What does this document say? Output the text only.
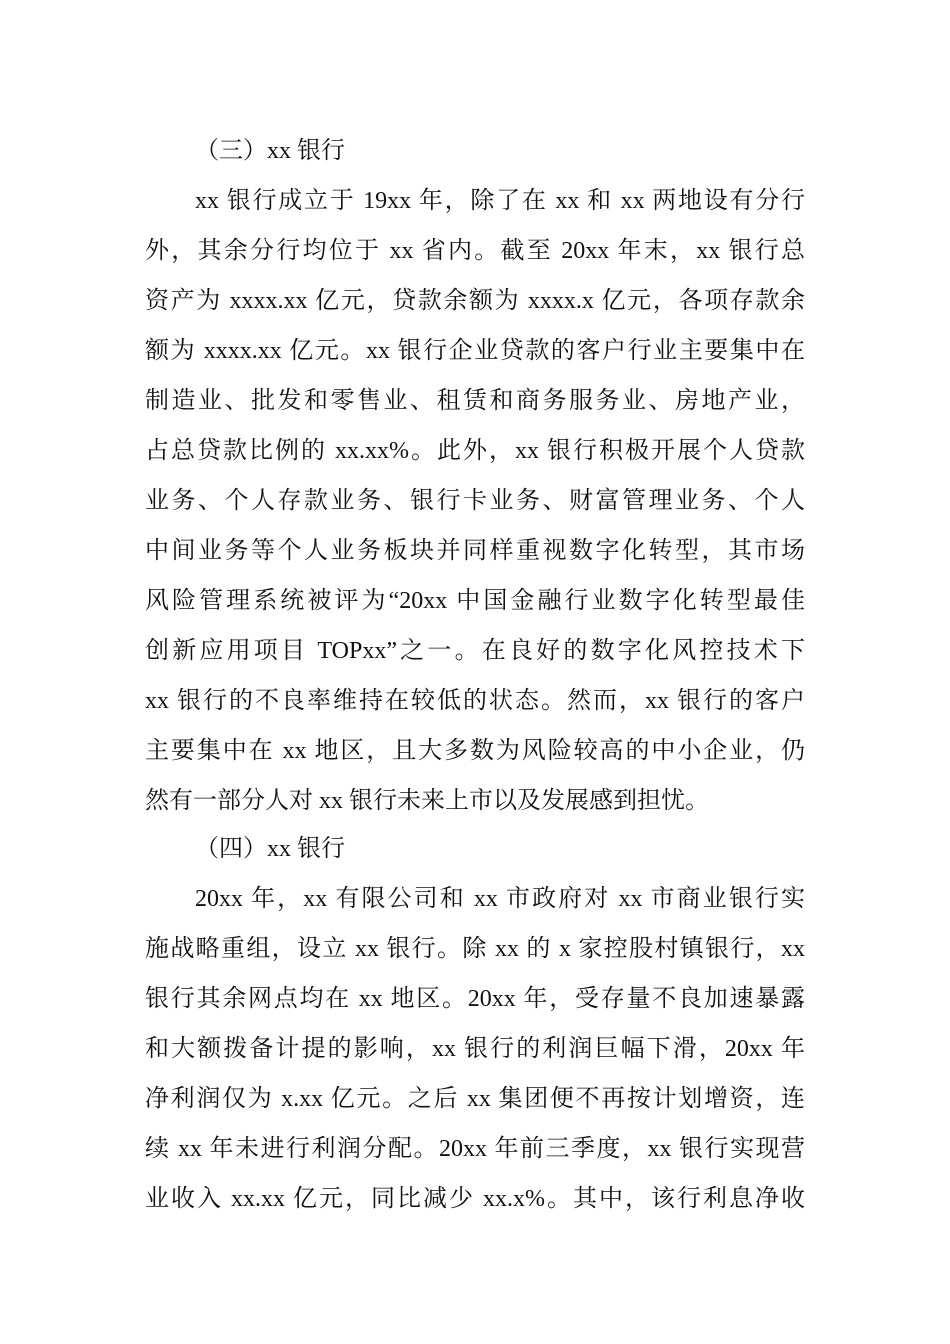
（三）xx 银行
xx 银行成立于 19xx 年，除了在 xx 和 xx 两地设有分行
外，其余分行均位于 xx 省内。截至 20xx 年末，xx 银行总
资产为 xxxx.xx 亿元，贷款余额为 xxxx.x 亿元，各项存款余
额为 xxxx.xx 亿元。xx 银行企业贷款的客户行业主要集中在
制造业、批发和零售业、租赁和商务服务业、房地产业，
占总贷款比例的 xx.xx%。此外，xx 银行积极开展个人贷款
业务、个人存款业务、银行卡业务、财富管理业务、个人
中间业务等个人业务板块并同样重视数字化转型，其市场
风险管理系统被评为“20xx 中国金融行业数字化转型最佳
创新应用项目 TOPxx”之一。在良好的数字化风控技术下
xx 银行的不良率维持在较低的状态。然而，xx 银行的客户
主要集中在 xx 地区，且大多数为风险较高的中小企业，仍
然有一部分人对 xx 银行未来上市以及发展感到担忧。
（四）xx 银行
20xx 年，xx 有限公司和 xx 市政府对 xx 市商业银行实
施战略重组，设立 xx 银行。除 xx 的 x 家控股村镇银行，xx
银行其余网点均在 xx 地区。20xx 年，受存量不良加速暴露
和大额拨备计提的影响，xx 银行的利润巨幅下滑，20xx 年
净利润仅为 x.xx 亿元。之后 xx 集团便不再按计划增资，连
续 xx 年未进行利润分配。20xx 年前三季度，xx 银行实现营
业收入 xx.xx 亿元，同比减少 xx.x%。其中，该行利息净收
